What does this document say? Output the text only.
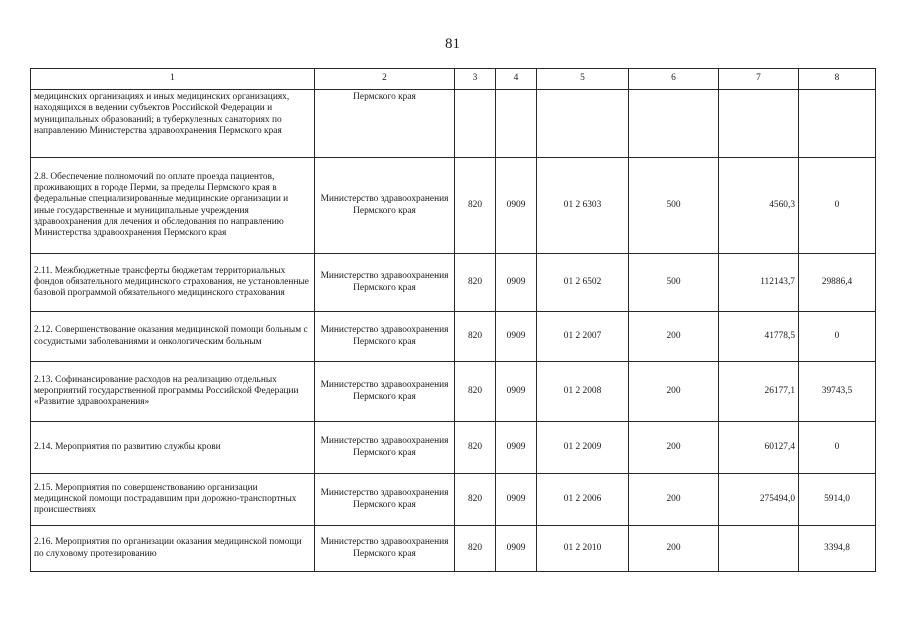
81
1	2	3	4	5	6	7	8
медицинских организациях и иных медицинских организациях, находящихся в ведении субъектов Российской Федерации и муниципальных образований; в туберкулезных санаториях по направлению Министерства здравоохранения Пермского края	Пермского края						
2.8. Обеспечение полномочий по оплате проезда пациентов, проживающих в городе Перми, за пределы Пермского края в федеральные специализированные медицинские организации и иные государственные и муниципальные учреждения здравоохранения для лечения и обследования по направлению Министерства здравоохранения Пермского края	Министерство здравоохранения Пермского края	820	0909	01 2 6303	500	4560,3	0
2.11. Межбюджетные трансферты бюджетам территориальных фондов обязательного медицинского страхования, не установленные базовой программой обязательного медицинского страхования	Министерство здравоохранения Пермского края	820	0909	01 2 6502	500	112143,7	29886,4
2.12. Совершенствование оказания медицинской помощи больным с сосудистыми заболеваниями и онкологическим больным	Министерство здравоохранения Пермского края	820	0909	01 2 2007	200	41778,5	0
2.13. Софинансирование расходов на реализацию отдельных мероприятий государственной программы Российской Федерации «Развитие здравоохранения»	Министерство здравоохранения Пермского края	820	0909	01 2 2008	200	26177,1	39743,5
2.14. Мероприятия по развитию службы крови	Министерство здравоохранения Пермского края	820	0909	01 2 2009	200	60127,4	0
2.15. Мероприятия по совершенствованию организации медицинской помощи пострадавшим при дорожно-транспортных происшествиях	Министерство здравоохранения Пермского края	820	0909	01 2 2006	200	275494,0	5914,0
2.16. Мероприятия по организации оказания медицинской помощи по слуховому протезированию	Министерство здравоохранения Пермского края	820	0909	01 2 2010	200		3394,8
